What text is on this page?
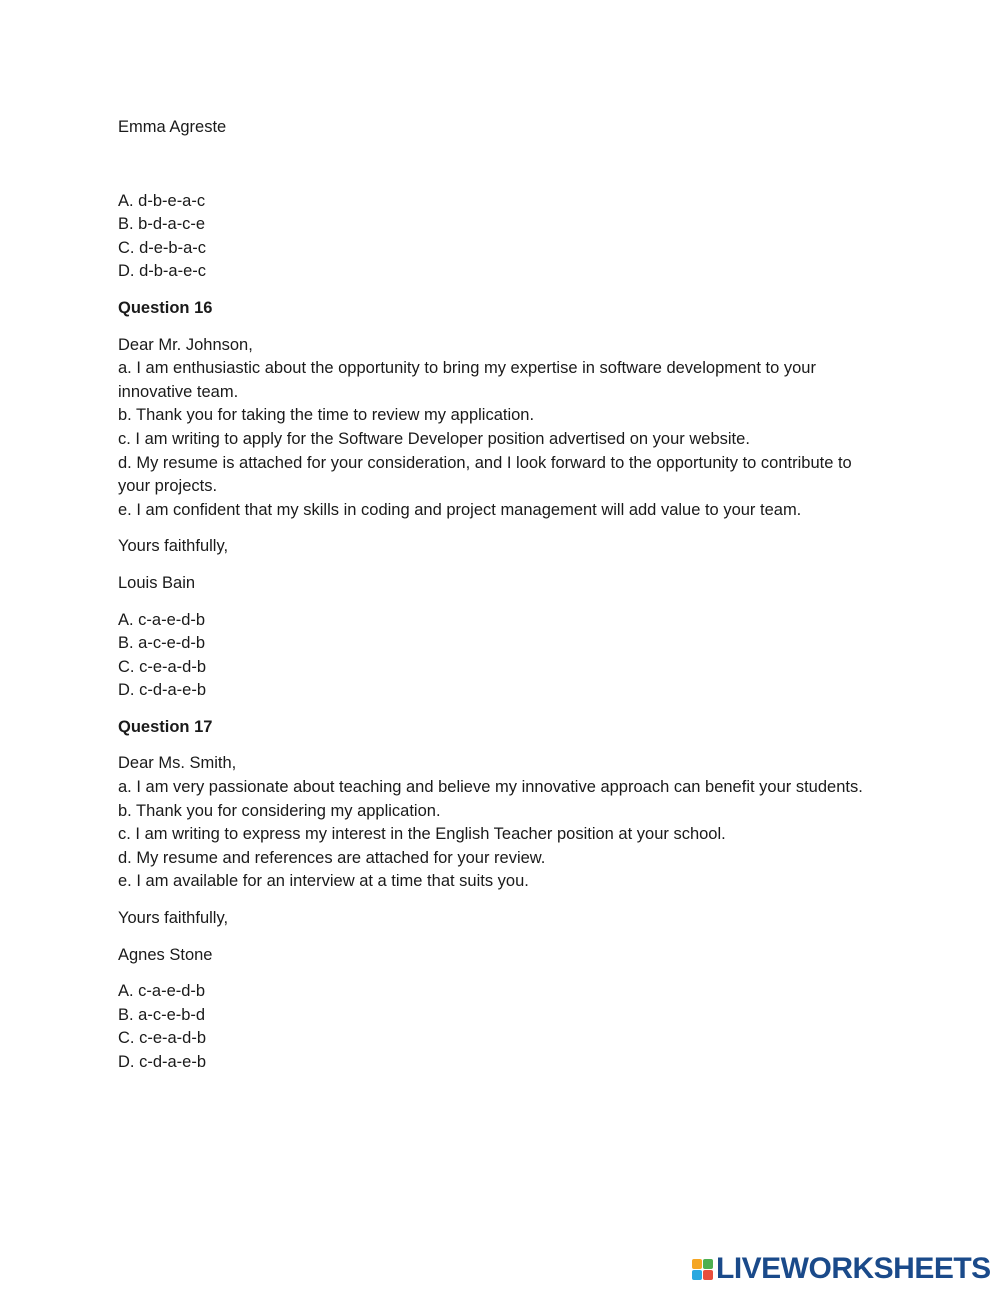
Emma Agreste

A. d-b-e-a-c
B. b-d-a-c-e
C. d-e-b-a-c
D. d-b-a-e-c

Question 16

Dear Mr. Johnson,
a. I am enthusiastic about the opportunity to bring my expertise in software development to your innovative team.
b. Thank you for taking the time to review my application.
c. I am writing to apply for the Software Developer position advertised on your website.
d. My resume is attached for your consideration, and I look forward to the opportunity to contribute to your projects.
e. I am confident that my skills in coding and project management will add value to your team.

Yours faithfully,

Louis Bain

A. c-a-e-d-b
B. a-c-e-d-b
C. c-e-a-d-b
D. c-d-a-e-b

Question 17

Dear Ms. Smith,
a. I am very passionate about teaching and believe my innovative approach can benefit your students.
b. Thank you for considering my application.
c. I am writing to express my interest in the English Teacher position at your school.
d. My resume and references are attached for your review.
e. I am available for an interview at a time that suits you.

Yours faithfully,

Agnes Stone

A. c-a-e-d-b
B. a-c-e-b-d
C. c-e-a-d-b
D. c-d-a-e-b
LIVEWORKSHEETS
